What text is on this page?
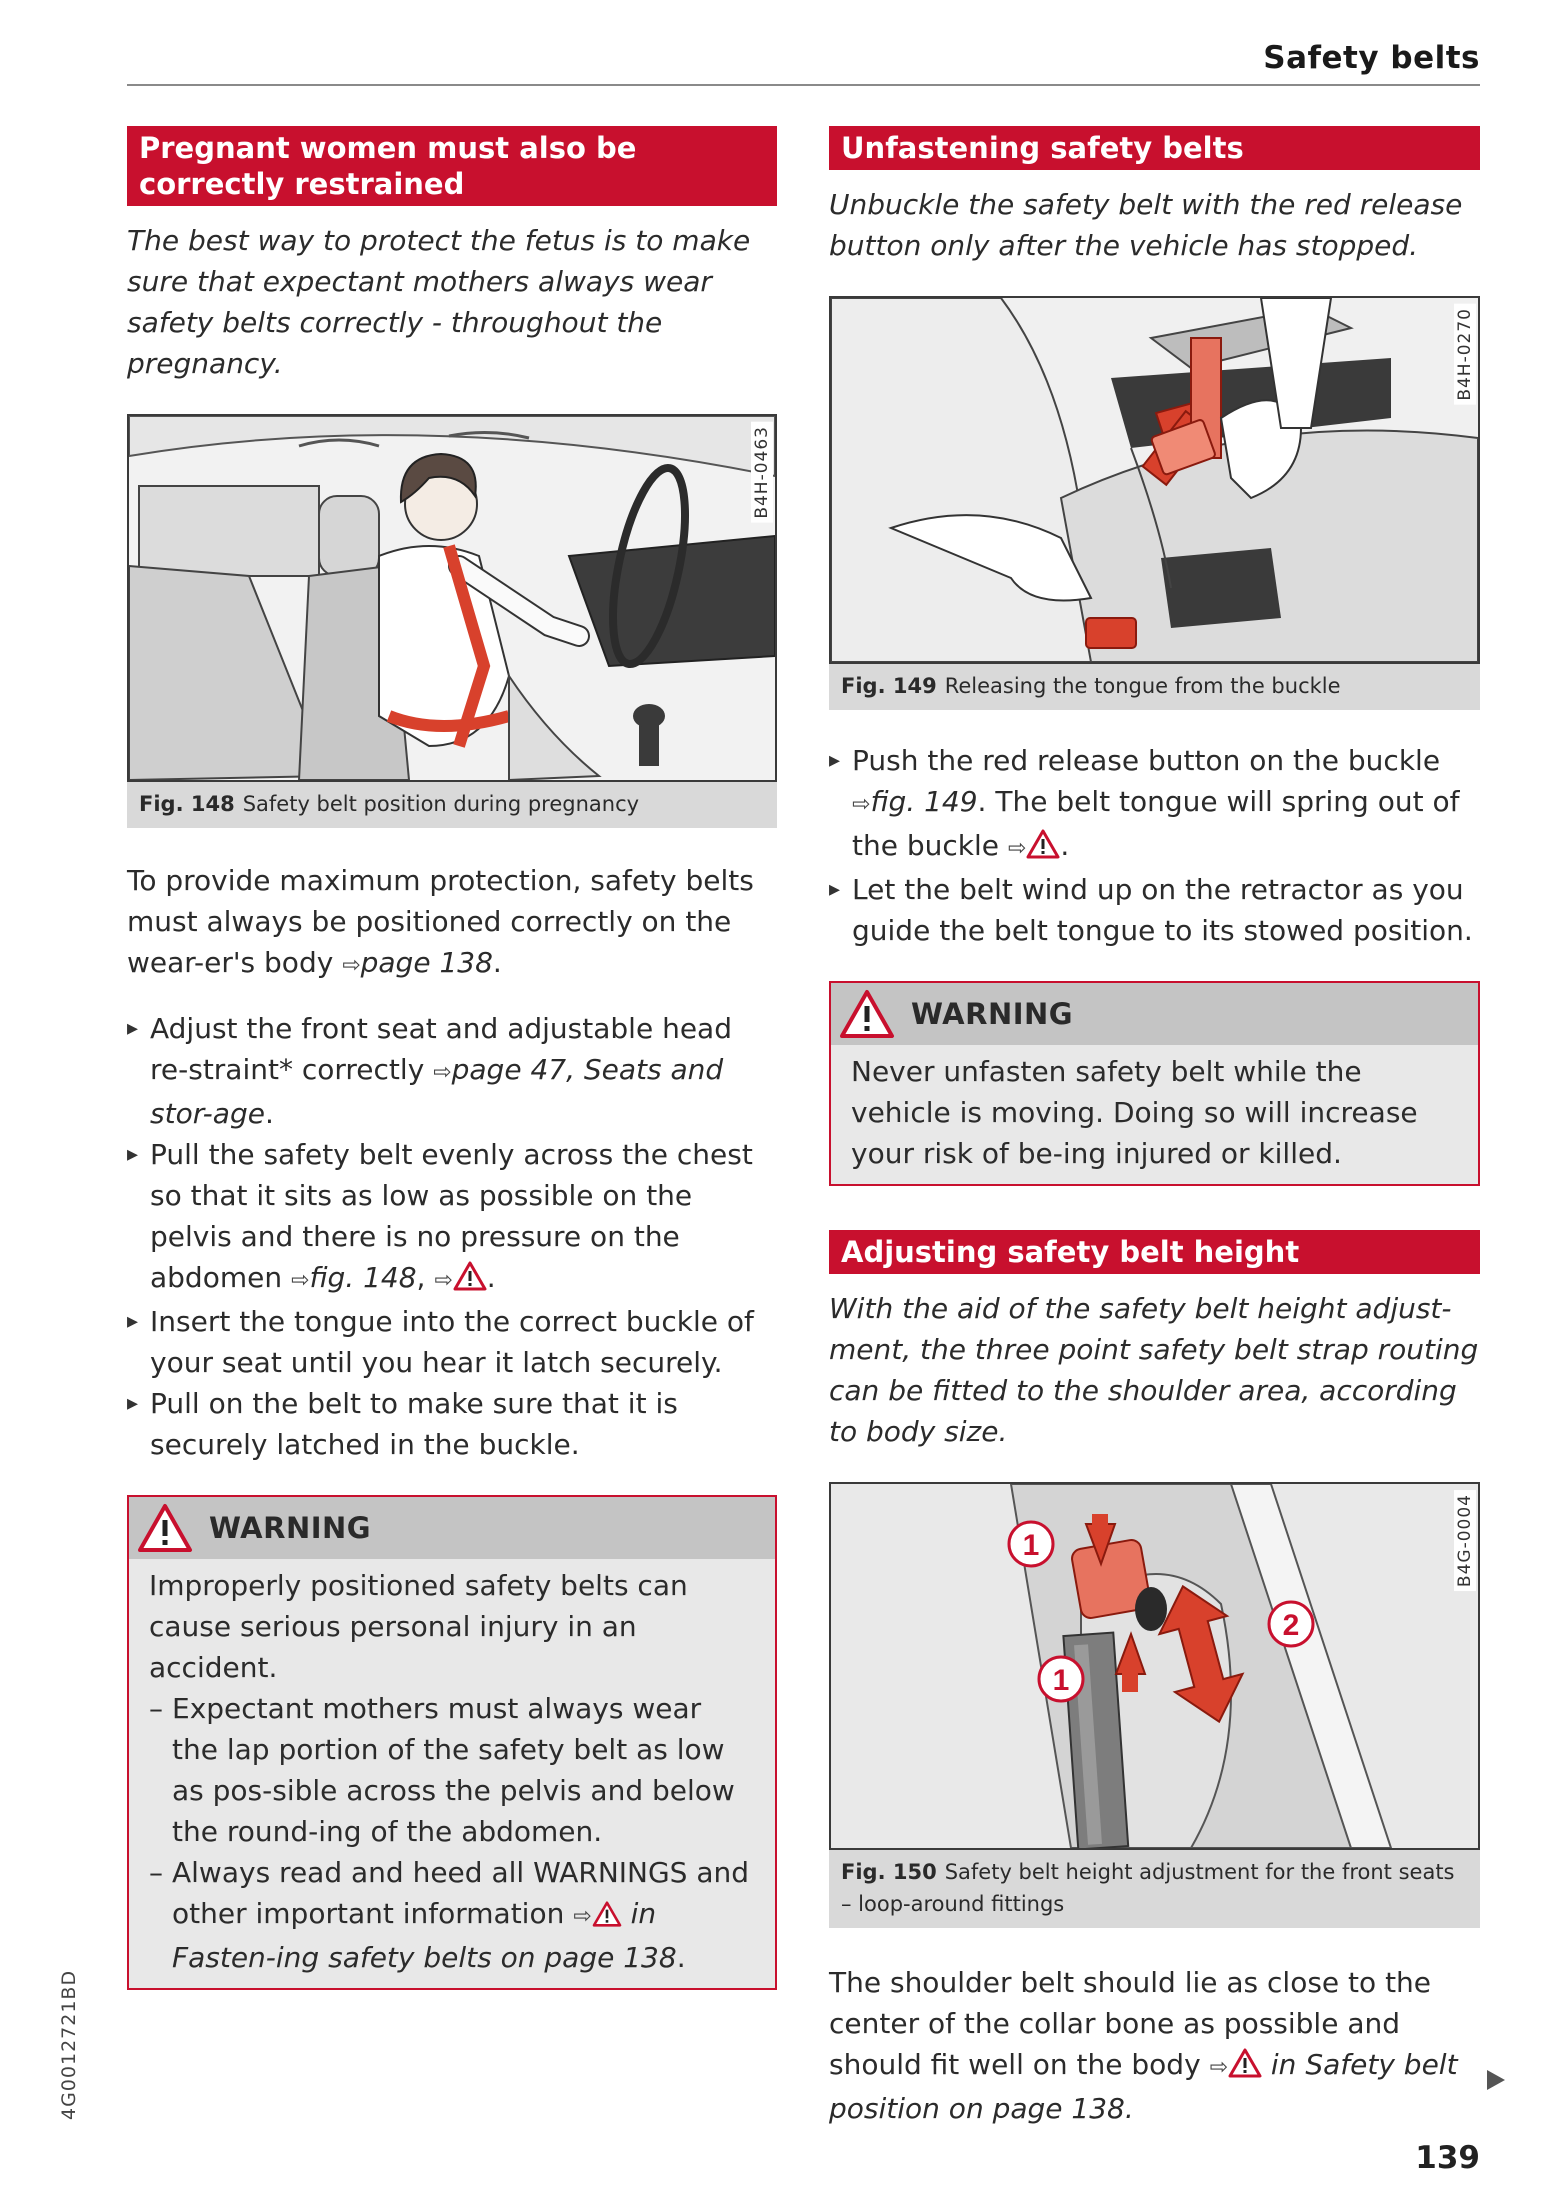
Safety belts
Pregnant women must also be correctly restrained

The best way to protect the fetus is to make sure that expectant mothers always wear safety belts correctly - throughout the pregnancy.

B4H-0463
Fig. 148 Safety belt position during pregnancy

To provide maximum protection, safety belts must always be positioned correctly on the wear-er's body ⇨page 138.

▸ Adjust the front seat and adjustable head re-straint* correctly ⇨page 47, Seats and stor-age.
▸ Pull the safety belt evenly across the chest so that it sits as low as possible on the pelvis and there is no pressure on the abdomen ⇨fig. 148, ⇨ .
▸ Insert the tongue into the correct buckle of your seat until you hear it latch securely.
▸ Pull on the belt to make sure that it is securely latched in the buckle.
WARNING
Improperly positioned safety belts can cause serious personal injury in an accident.
– Expectant mothers must always wear the lap portion of the safety belt as low as pos-sible across the pelvis and below the round-ing of the abdomen.
– Always read and heed all WARNINGS and other important information ⇨ in Fasten-ing safety belts on page 138.
Unfastening safety belts

Unbuckle the safety belt with the red release button only after the vehicle has stopped.

B4H-0270
Fig. 149 Releasing the tongue from the buckle
▸ Push the red release button on the buckle ⇨fig. 149. The belt tongue will spring out of the buckle ⇨ .
▸ Let the belt wind up on the retractor as you guide the belt tongue to its stowed position.
WARNING
Never unfasten safety belt while the vehicle is moving. Doing so will increase your risk of be-ing injured or killed.
Adjusting safety belt height

With the aid of the safety belt height adjust-ment, the three point safety belt strap routing can be fitted to the shoulder area, according to body size.

1
2
1
B4G-0004
Fig. 150 Safety belt height adjustment for the front seats – loop-around fittings

The shoulder belt should lie as close to the center of the collar bone as possible and should fit well on the body ⇨ in Safety belt position on page 138.

4G0012721BD
139
